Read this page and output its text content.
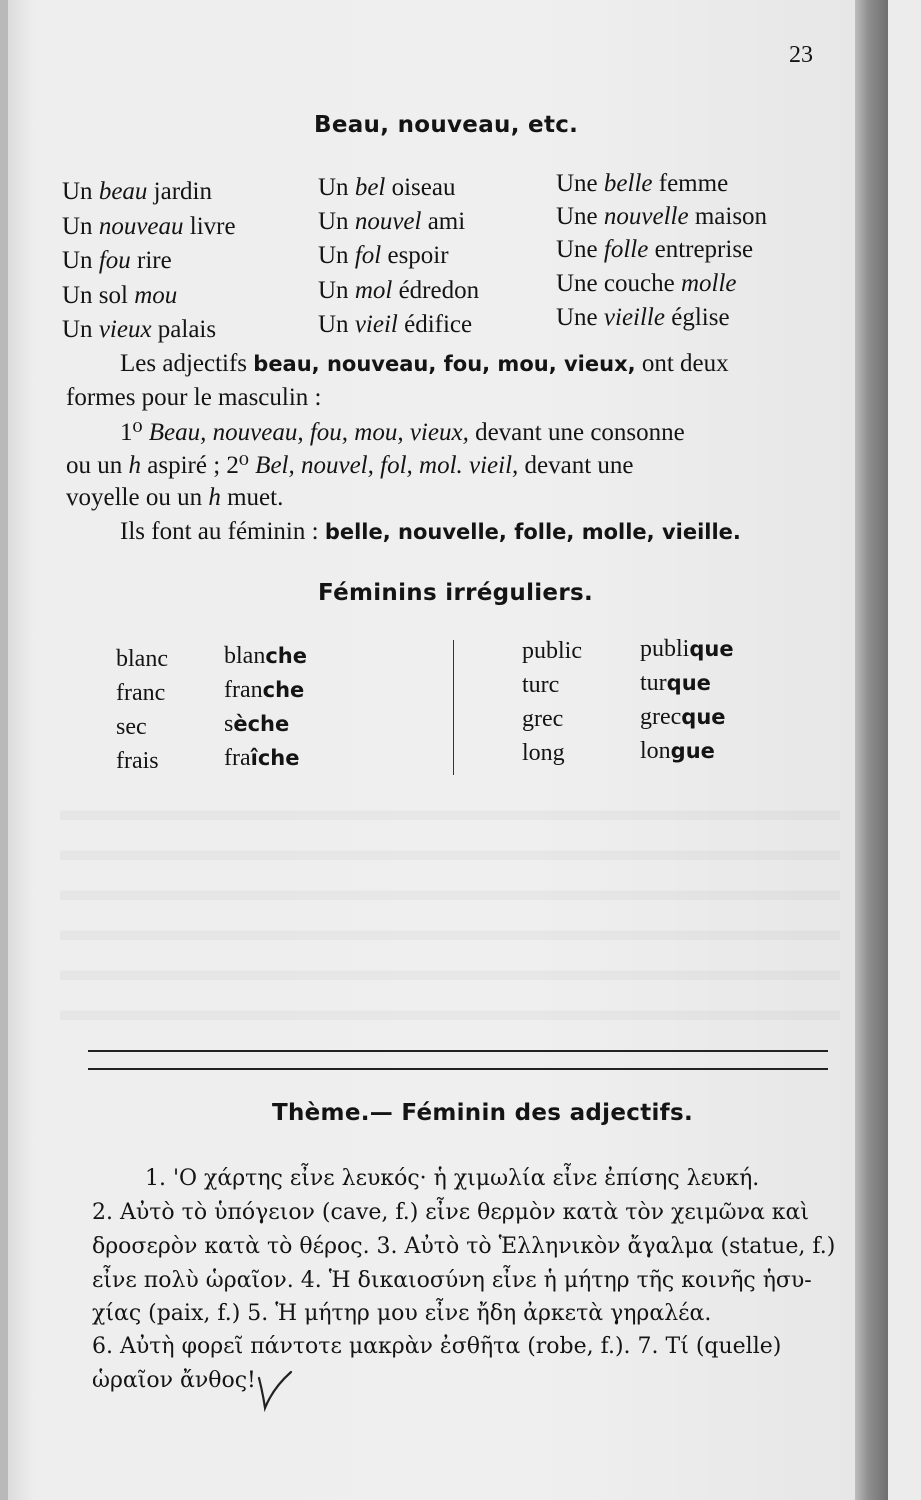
23
Beau, nouveau, etc.
Un beau jardin	Un bel oiseau	Une belle femme
Un nouveau livre	Un nouvel ami	Une nouvelle maison
Un fou rire	Un fol espoir	Une folle entreprise
Un sol mou	Un mol édredon	Une couche molle
Un vieux palais	Un vieil édifice	Une vieille église
Les adjectifs beau, nouveau, fou, mou, vieux, ont deux
formes pour le masculin :
1⁰ Beau, nouveau, fou, mou, vieux, devant une consonne
ou un h aspiré ; 2⁰ Bel, nouvel, fol, mol. vieil, devant une
voyelle ou un h muet.
Ils font au féminin : belle, nouvelle, folle, molle, vieille.
Féminins irréguliers.
blanc blanche
franc franche
sec	sèche
frais	fraîche
public publique
turc	turque
grec	grecque
long	longue
Thème.— Féminin des adjectifs.
1. 'Ο χάρτης εἶνε λευκός· ἡ χιμωλία εἶνε ἐπίσης λευκή.
2. Αὐτὸ τὸ ὑπόγειον (cave, f.) εἶνε θερμὸν κατὰ τὸν χειμῶνα καὶ
δροσερὸν κατὰ τὸ θέρος. 3. Αὐτὸ τὸ Ἑλληνικὸν ἄγαλμα (statue, f.)
εἶνε πολὺ ὡραῖον. 4. Ἡ δικαιοσύνη εἶνε ἡ μήτηρ τῆς κοινῆς ἡσυ-
χίας (paix, f.) 5. Ἡ μήτηρ μου εἶνε ἤδη ἀρκετὰ γηραλέα.
6. Αὐτὴ φορεῖ πάντοτε μακρὰν ἐσθῆτα (robe, f.). 7. Τί (quelle)
ὡραῖον ἄνθος!
